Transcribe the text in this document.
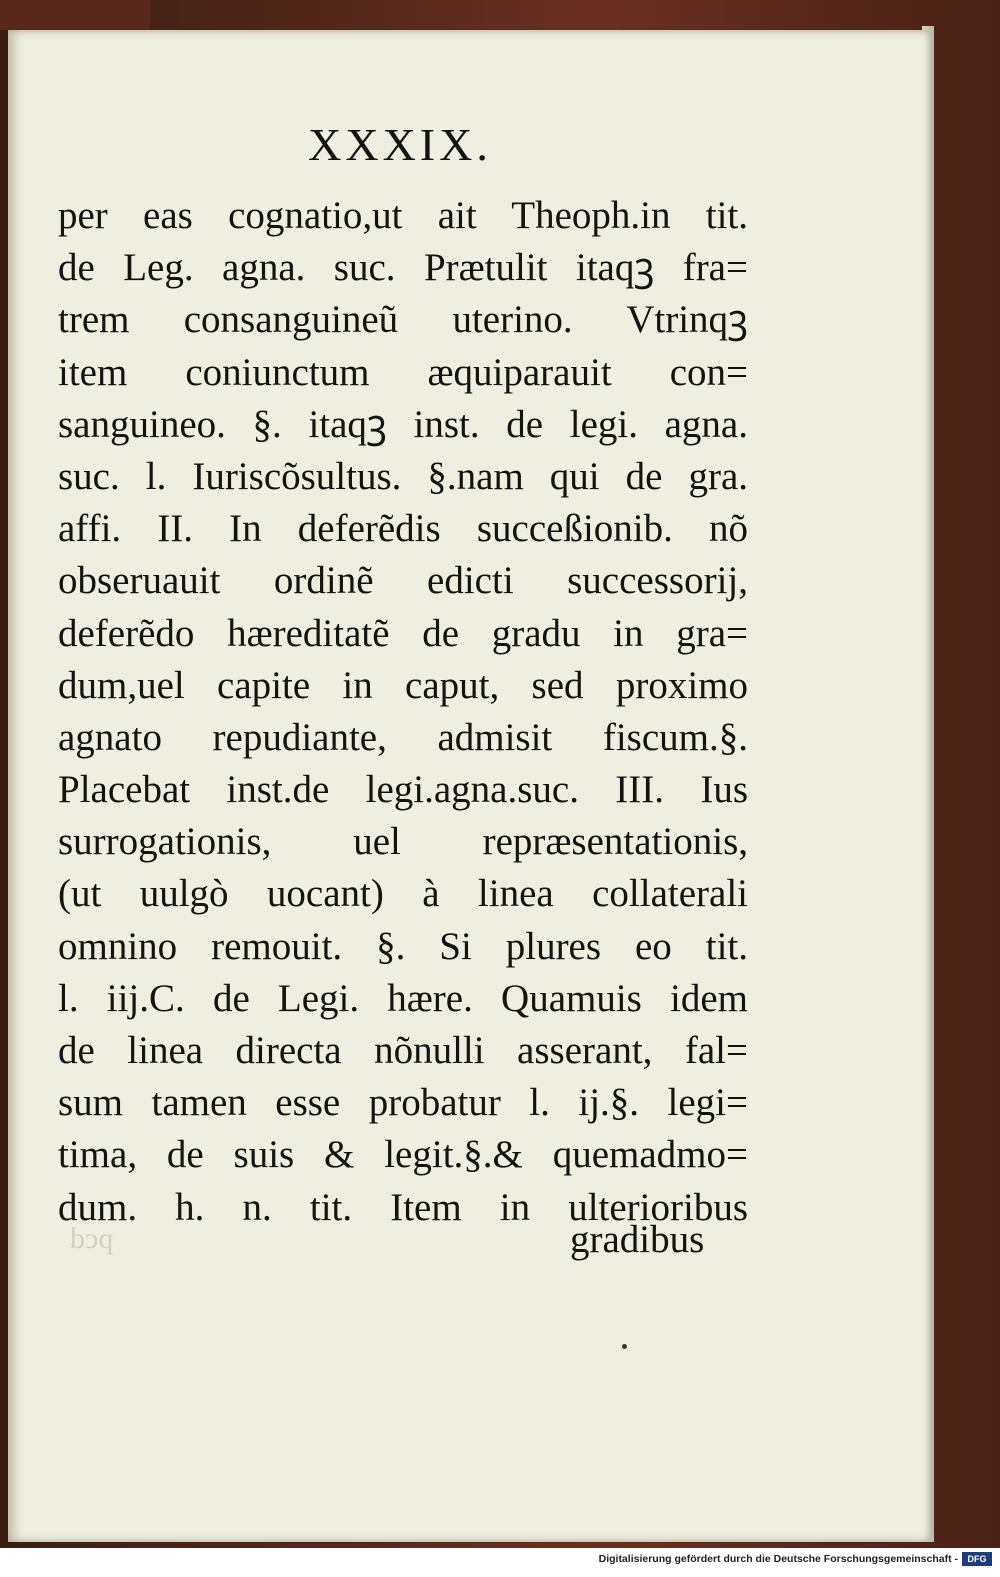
XXXIX.
per eas cognatio,ut ait Theoph.in tit.
de Leg. agna. suc. Prætulit itaqꝫ fra=
trem consanguineũ uterino. Vtrinqꝫ
item coniunctum æquiparauit con=
sanguineo. §. itaqꝫ inst. de legi. agna.
suc. l. Iuriscõsultus. §.nam qui de gra.
affi. II. In deferẽdis succeßionib. nõ
obseruauit ordinẽ edicti successorij,
deferẽdo hæreditatẽ de gradu in gra=
dum,uel capite in caput, sed proximo
agnato repudiante, admisit fiscum.§.
Placebat inst.de legi.agna.suc. III. Ius
surrogationis, uel repræsentationis,
(ut uulgò uocant) à linea collaterali
omnino remouit. §. Si plures eo tit.
l. iij.C. de Legi. hære. Quamuis idem
de linea directa nõnulli asserant, fal=
sum tamen esse probatur l. ij.§. legi=
tima, de suis & legit.§.& quemadmo=
dum. h. n. tit. Item in ulterioribus
pcd	gradibus
Digitalisierung gefördert durch die Deutsche Forschungsgemeinschaft -	DFG
